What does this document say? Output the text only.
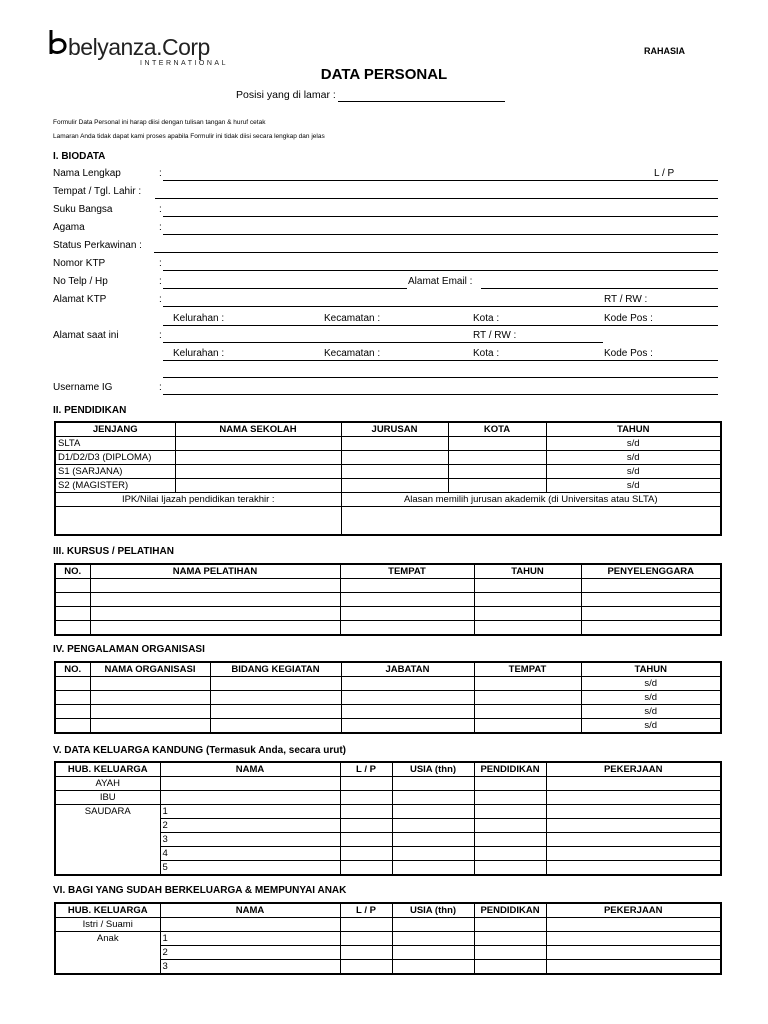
belyanza.Corp
INTERNATIONAL
RAHASIA
DATA PERSONAL
Posisi yang di lamar :
Formulir Data Personal ini harap diisi dengan tulisan tangan & huruf cetak
Lamaran Anda tidak dapat kami proses apabila Formulir ini tidak diisi secara lengkap dan jelas
I. BIODATA
Nama Lengkap	:	L / P
Tempat / Tgl. Lahir :
Suku Bangsa	:
Agama	:
Status Perkawinan :
Nomor KTP	:
No Telp / Hp	:	Alamat Email :
Alamat KTP	:	RT / RW :
Kelurahan :	Kecamatan :	Kota :	Kode Pos :
Alamat saat ini	:	RT / RW :
Kelurahan :	Kecamatan :	Kota :	Kode Pos :
Username IG	:
II. PENDIDIKAN
JENJANG	NAMA SEKOLAH	JURUSAN	KOTA	TAHUN
SLTA				s/d
D1/D2/D3 (DIPLOMA)				s/d
S1 (SARJANA)				s/d
S2 (MAGISTER)				s/d
IPK/Nilai Ijazah pendidikan terakhir :		Alasan memilih jurusan akademik (di Universitas atau SLTA)		

III. KURSUS / PELATIHAN
NO.	NAMA PELATIHAN	TEMPAT	TAHUN	PENYELENGGARA

IV. PENGALAMAN ORGANISASI
NO.	NAMA ORGANISASI	BIDANG KEGIATAN	JABATAN	TEMPAT	TAHUN
					s/d
					s/d
					s/d
					s/d
V. DATA KELUARGA KANDUNG (Termasuk Anda, secara urut)
HUB. KELUARGA	NAMA	L / P	USIA (thn)	PENDIDIKAN	PEKERJAAN
AYAH					
IBU					
SAUDARA	1				
	2				
	3				
	4				
	5				
VI. BAGI YANG SUDAH BERKELUARGA & MEMPUNYAI ANAK
HUB. KELUARGA	NAMA	L / P	USIA (thn)	PENDIDIKAN	PEKERJAAN
Istri / Suami					
Anak	1				
	2				
	3				
